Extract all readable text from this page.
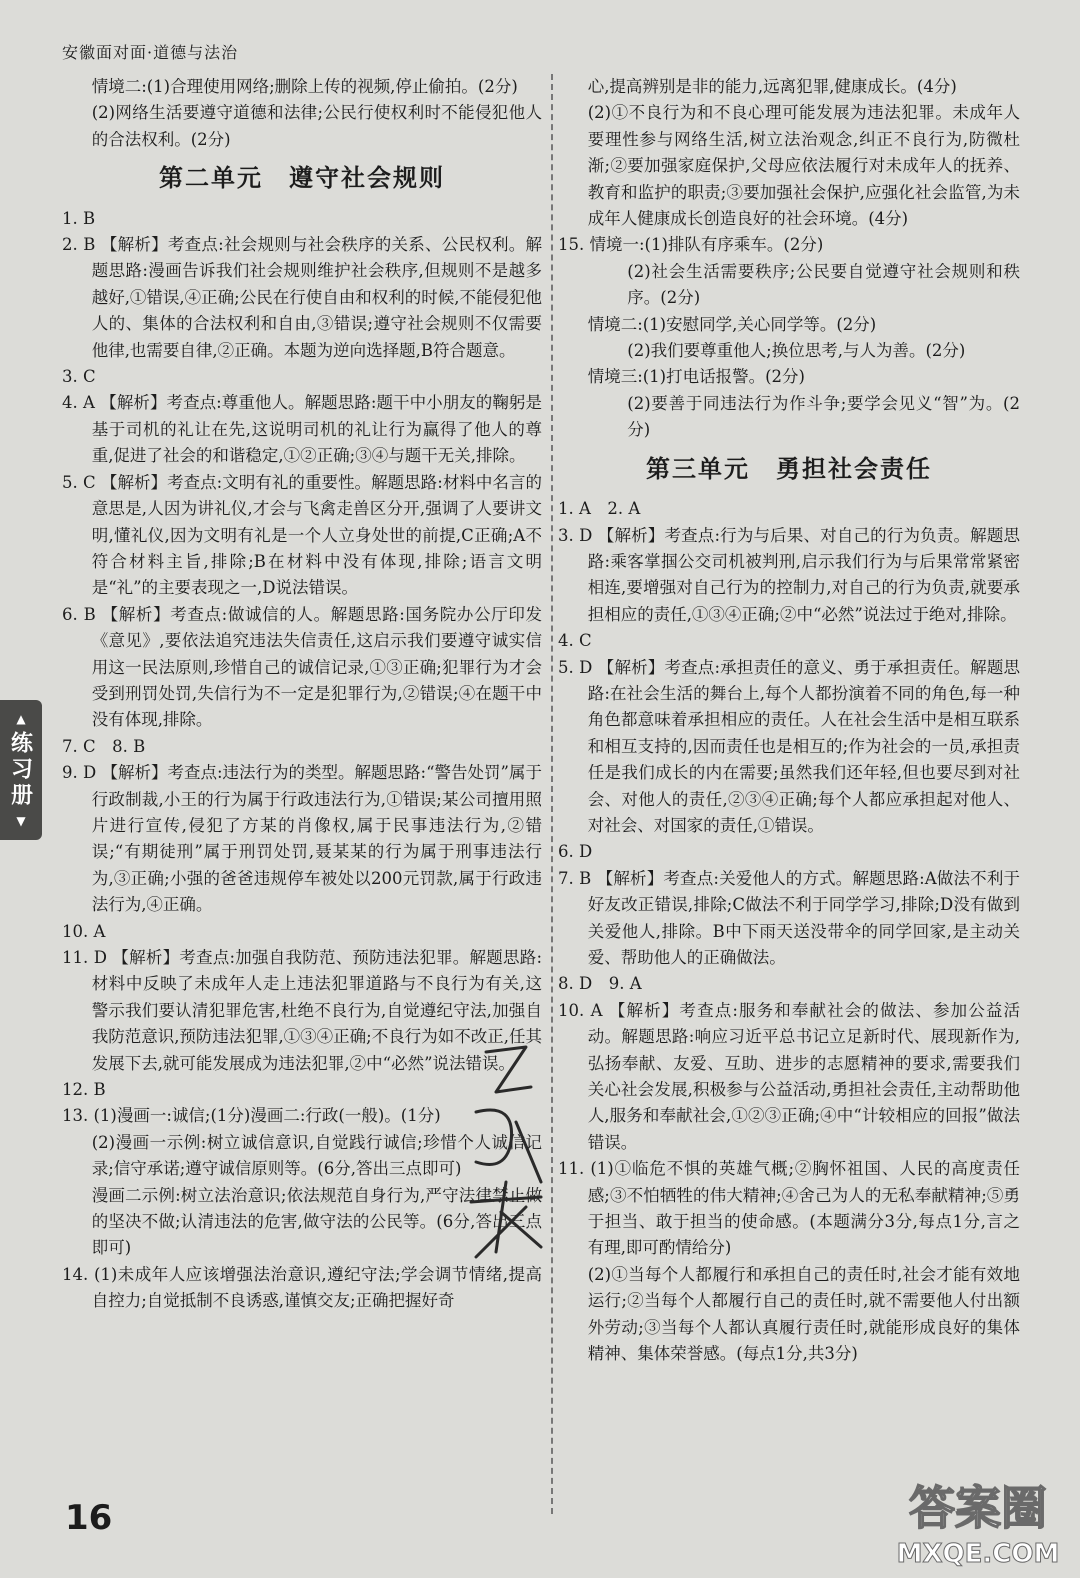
安徽面对面·道德与法治
▲
练习册
▼

情境二:(1)合理使用网络;删除上传的视频,停止偷拍。(2分)

(2)网络生活要遵守道德和法律;公民行使权利时不能侵犯他人的合法权利。(2分)

第二单元　遵守社会规则

1. B

2. B 【解析】考查点:社会规则与社会秩序的关系、公民权利。解题思路:漫画告诉我们社会规则维护社会秩序,但规则不是越多越好,①错误,④正确;公民在行使自由和权利的时候,不能侵犯他人的、集体的合法权利和自由,③错误;遵守社会规则不仅需要他律,也需要自律,②正确。本题为逆向选择题,B符合题意。

3. C

4. A 【解析】考查点:尊重他人。解题思路:题干中小朋友的鞠躬是基于司机的礼让在先,这说明司机的礼让行为赢得了他人的尊重,促进了社会的和谐稳定,①②正确;③④与题干无关,排除。

5. C 【解析】考查点:文明有礼的重要性。解题思路:材料中名言的意思是,人因为讲礼仪,才会与飞禽走兽区分开,强调了人要讲文明,懂礼仪,因为文明有礼是一个人立身处世的前提,C正确;A不符合材料主旨,排除;B在材料中没有体现,排除;语言文明是“礼”的主要表现之一,D说法错误。

6. B 【解析】考查点:做诚信的人。解题思路:国务院办公厅印发《意见》,要依法追究违法失信责任,这启示我们要遵守诚实信用这一民法原则,珍惜自己的诚信记录,①③正确;犯罪行为才会受到刑罚处罚,失信行为不一定是犯罪行为,②错误;④在题干中没有体现,排除。

7. C　8. B

9. D 【解析】考查点:违法行为的类型。解题思路:“警告处罚”属于行政制裁,小王的行为属于行政违法行为,①错误;某公司擅用照片进行宣传,侵犯了方某的肖像权,属于民事违法行为,②错误;“有期徒刑”属于刑罚处罚,聂某某的行为属于刑事违法行为,③正确;小强的爸爸违规停车被处以200元罚款,属于行政违法行为,④正确。

10. A

11. D 【解析】考查点:加强自我防范、预防违法犯罪。解题思路:材料中反映了未成年人走上违法犯罪道路与不良行为有关,这警示我们要认清犯罪危害,杜绝不良行为,自觉遵纪守法,加强自我防范意识,预防违法犯罪,①③④正确;不良行为如不改正,任其发展下去,就可能发展成为违法犯罪,②中“必然”说法错误。

12. B

13. (1)漫画一:诚信;(1分)漫画二:行政(一般)。(1分)

(2)漫画一示例:树立诚信意识,自觉践行诚信;珍惜个人诚信记录;信守承诺;遵守诚信原则等。(6分,答出三点即可)

漫画二示例:树立法治意识;依法规范自身行为,严守法律禁止做的坚决不做;认清违法的危害,做守法的公民等。(6分,答出三点即可)

14. (1)未成年人应该增强法治意识,遵纪守法;学会调节情绪,提高自控力;自觉抵制不良诱惑,谨慎交友;正确把握好奇

心,提高辨别是非的能力,远离犯罪,健康成长。(4分)

(2)①不良行为和不良心理可能发展为违法犯罪。未成年人要理性参与网络生活,树立法治观念,纠正不良行为,防微杜渐;②要加强家庭保护,父母应依法履行对未成年人的抚养、教育和监护的职责;③要加强社会保护,应强化社会监管,为未成年人健康成长创造良好的社会环境。(4分)

15. 情境一:(1)排队有序乘车。(2分)

(2)社会生活需要秩序;公民要自觉遵守社会规则和秩序。(2分)

情境二:(1)安慰同学,关心同学等。(2分)

(2)我们要尊重他人;换位思考,与人为善。(2分)

情境三:(1)打电话报警。(2分)

(2)要善于同违法行为作斗争;要学会见义“智”为。(2分)

第三单元　勇担社会责任

1. A　2. A

3. D 【解析】考查点:行为与后果、对自己的行为负责。解题思路:乘客掌掴公交司机被判刑,启示我们行为与后果常常紧密相连,要增强对自己行为的控制力,对自己的行为负责,就要承担相应的责任,①③④正确;②中“必然”说法过于绝对,排除。

4. C

5. D 【解析】考查点:承担责任的意义、勇于承担责任。解题思路:在社会生活的舞台上,每个人都扮演着不同的角色,每一种角色都意味着承担相应的责任。人在社会生活中是相互联系和相互支持的,因而责任也是相互的;作为社会的一员,承担责任是我们成长的内在需要;虽然我们还年轻,但也要尽到对社会、对他人的责任,②③④正确;每个人都应承担起对他人、对社会、对国家的责任,①错误。

6. D

7. B 【解析】考查点:关爱他人的方式。解题思路:A做法不利于好友改正错误,排除;C做法不利于同学学习,排除;D没有做到关爱他人,排除。B中下雨天送没带伞的同学回家,是主动关爱、帮助他人的正确做法。

8. D　9. A

10. A 【解析】考查点:服务和奉献社会的做法、参加公益活动。解题思路:响应习近平总书记立足新时代、展现新作为,弘扬奉献、友爱、互助、进步的志愿精神的要求,需要我们关心社会发展,积极参与公益活动,勇担社会责任,主动帮助他人,服务和奉献社会,①②③正确;④中“计较相应的回报”做法错误。

11. (1)①临危不惧的英雄气概;②胸怀祖国、人民的高度责任感;③不怕牺牲的伟大精神;④舍己为人的无私奉献精神;⑤勇于担当、敢于担当的使命感。(本题满分3分,每点1分,言之有理,即可酌情给分)

(2)①当每个人都履行和承担自己的责任时,社会才能有效地运行;②当每个人都履行自己的责任时,就不需要他人付出额外劳动;③当每个人都认真履行责任时,就能形成良好的集体精神、集体荣誉感。(每点1分,共3分)

16	答案圈
MXQE.COM
